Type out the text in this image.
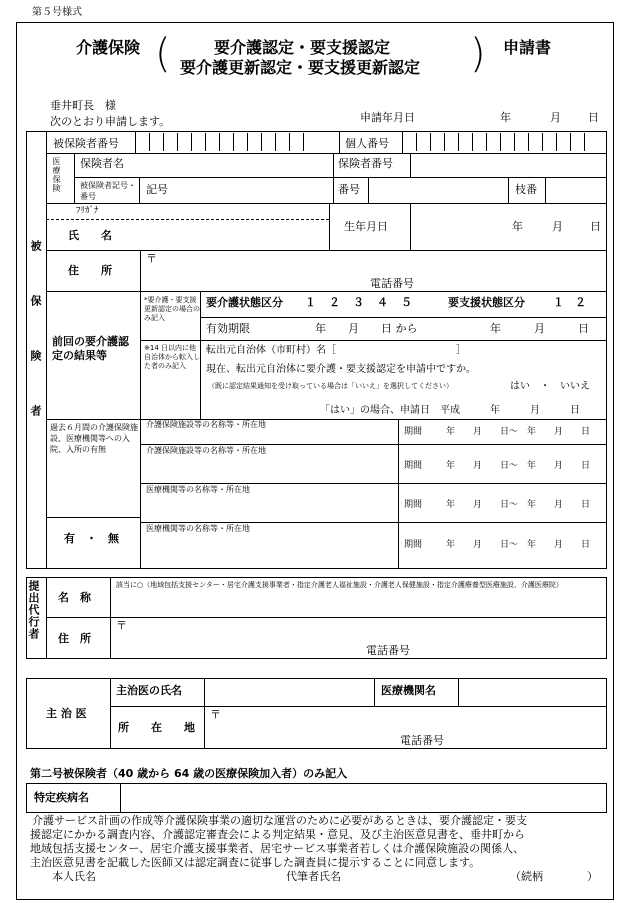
第５号様式
介護保険 (	要介護認定・要支援認定
要介護更新認定・要支援更新認定 ) 申請書
垂井町長　様
次のとおり申請します。	申請年月日	年	月 日
被保険者
被保険者番号	個人番号
医療保険 保険者名	保険者番号
被保険者記号・番号
記号	番号	枝番
ﾌﾘｶﾞﾅ
氏　　名
生年月日	年	月 日
住　　所
〒
電話番号
前回の要介護認定の結果等
*要介護・要支援更新認定の場合のみ記入
要介護状態区分 １　２　３　４　５	要支援状態区分	１　２
有効期限	年　　月　　日 から	年　　　月　　　日
※14 日以内に他自治体から転入した者のみ記入
転出元自治体（市町村）名［　　　　　　　　　　　　］
現在、転出元自治体に要介護・要支援認定を申請中ですか。
（既に認定結果通知を受け取っている場合は「いいえ」を選択してください）	はい　・　いいえ
「はい」の場合、申請日　平成　　　年　　　月　　　日
過去６月間の介護保険施設、医療機関等への入院、入所の有無
有　・　無
介護保険施設等の名称等・所在地
期間	年　　月　　日～　年　　月　　日
介護保険施設等の名称等・所在地
期間	年　　月　　日～　年　　月　　日
医療機関等の名称等・所在地
期間	年　　月　　日～　年　　月　　日
医療機関等の名称等・所在地
期間	年　　月　　日～　年　　月　　日
提出代行者 名　称
該当に○（地域包括支援センター・居宅介護支援事業者・指定介護老人福祉施設・介護老人保健施設・指定介護療養型医療施設、介護医療院）
住　所
〒
電話番号
主 治 医
主治医の氏名	医療機関名
所　　在　　地
〒
電話番号
第二号被保険者（40 歳から 64 歳の医療保険加入者）のみ記入
特定疾病名
介護サービス計画の作成等介護保険事業の適切な運営のために必要があるときは、要介護認定・要支
援認定にかかる調査内容、介護認定審査会による判定結果・意見、及び主治医意見書を、垂井町から
地域包括支援センター、居宅介護支援事業者、居宅サービス事業者若しくは介護保険施設の関係人、
主治医意見書を記載した医師又は認定調査に従事した調査員に提示することに同意します。
本人氏名	代筆者氏名	（続柄　　　　）
